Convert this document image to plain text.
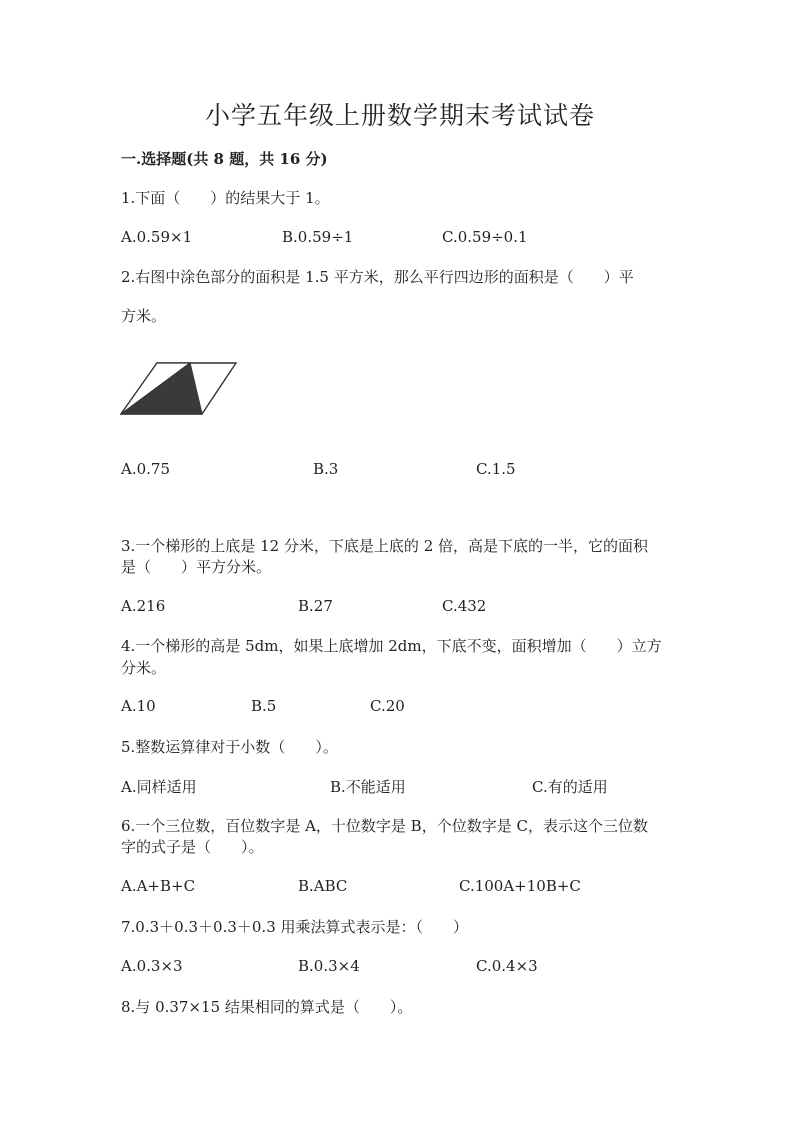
小学五年级上册数学期末考试试卷
一.选择题(共 8 题，共 16 分)
1.下面（　　）的结果大于 1。
A.0.59×1	B.0.59÷1	C.0.59÷0.1
2.右图中涂色部分的面积是 1.5 平方米，那么平行四边形的面积是（　　）平
方米。
A.0.75	B.3	C.1.5
3.一个梯形的上底是 12 分米，下底是上底的 2 倍，高是下底的一半，它的面积
是（　　）平方分米。
A.216	B.27	C.432
4.一个梯形的高是 5dm，如果上底增加 2dm，下底不变，面积增加（　　）立方
分米。
A.10	B.5	C.20
5.整数运算律对于小数（　　）。
A.同样适用	B.不能适用	C.有的适用
6.一个三位数，百位数字是 A，十位数字是 B，个位数字是 C，表示这个三位数
字的式子是（　　）。
A.A+B+C	B.ABC	C.100A+10B+C
7.0.3＋0.3＋0.3＋0.3 用乘法算式表示是：（　　）
A.0.3×3	B.0.3×4	C.0.4×3
8.与 0.37×15 结果相同的算式是（　　）。
